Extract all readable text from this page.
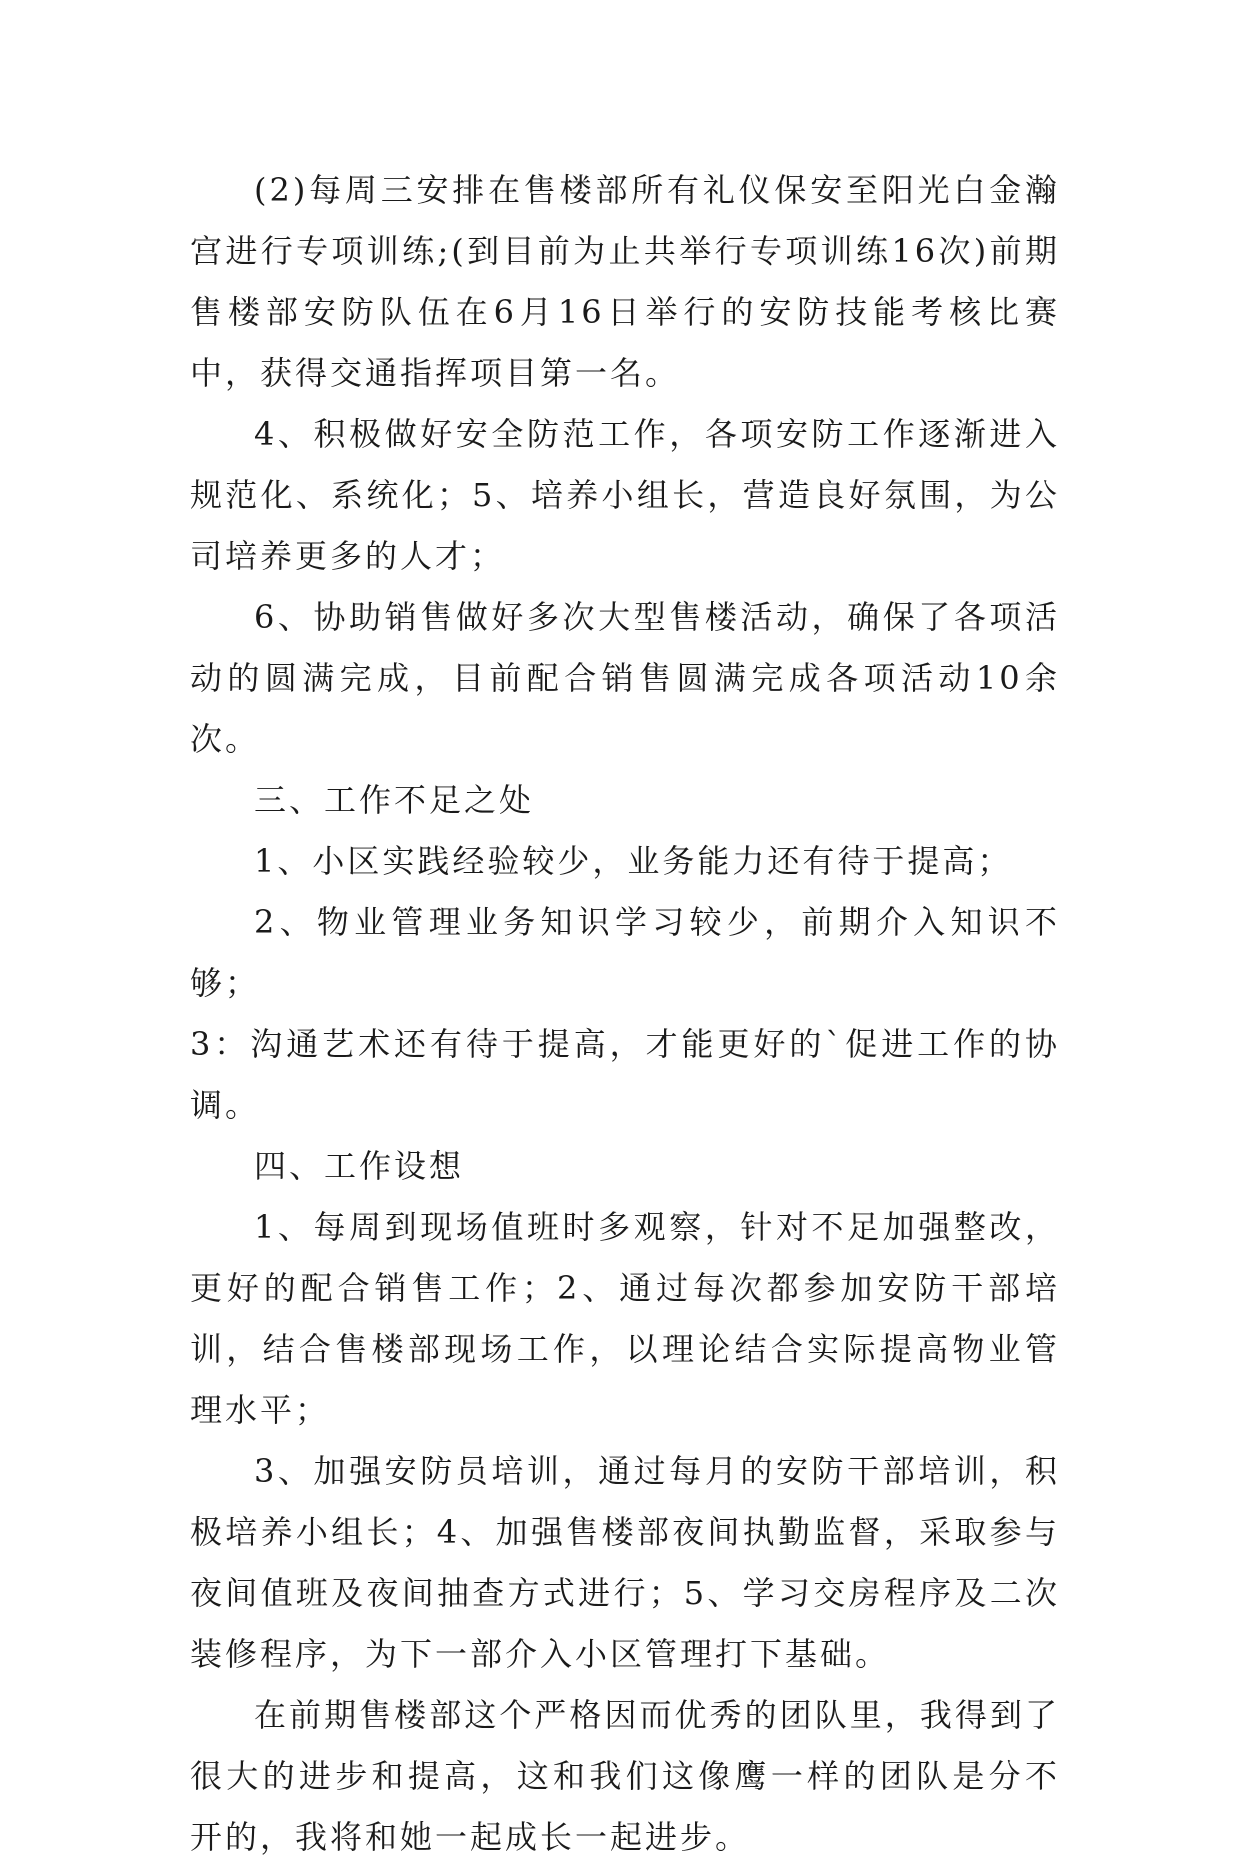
(2)每周三安排在售楼部所有礼仪保安至阳光白金瀚宫进行专项训练;(到目前为止共举行专项训练16次)前期售楼部安防队伍在6月16日举行的安防技能考核比赛中，获得交通指挥项目第一名。

4、积极做好安全防范工作，各项安防工作逐渐进入规范化、系统化；5、培养小组长，营造良好氛围，为公司培养更多的人才；

6、协助销售做好多次大型售楼活动，确保了各项活动的圆满完成，目前配合销售圆满完成各项活动10余次。

三、工作不足之处

1、小区实践经验较少，业务能力还有待于提高；

2、物业管理业务知识学习较少，前期介入知识不够；

3：沟通艺术还有待于提高，才能更好的`促进工作的协调。

四、工作设想

1、每周到现场值班时多观察，针对不足加强整改，更好的配合销售工作；2、通过每次都参加安防干部培训，结合售楼部现场工作，以理论结合实际提高物业管理水平；

3、加强安防员培训，通过每月的安防干部培训，积极培养小组长；4、加强售楼部夜间执勤监督，采取参与夜间值班及夜间抽查方式进行；5、学习交房程序及二次装修程序，为下一部介入小区管理打下基础。

在前期售楼部这个严格因而优秀的团队里，我得到了很大的进步和提高，这和我们这像鹰一样的团队是分不开的，我将和她一起成长一起进步。
